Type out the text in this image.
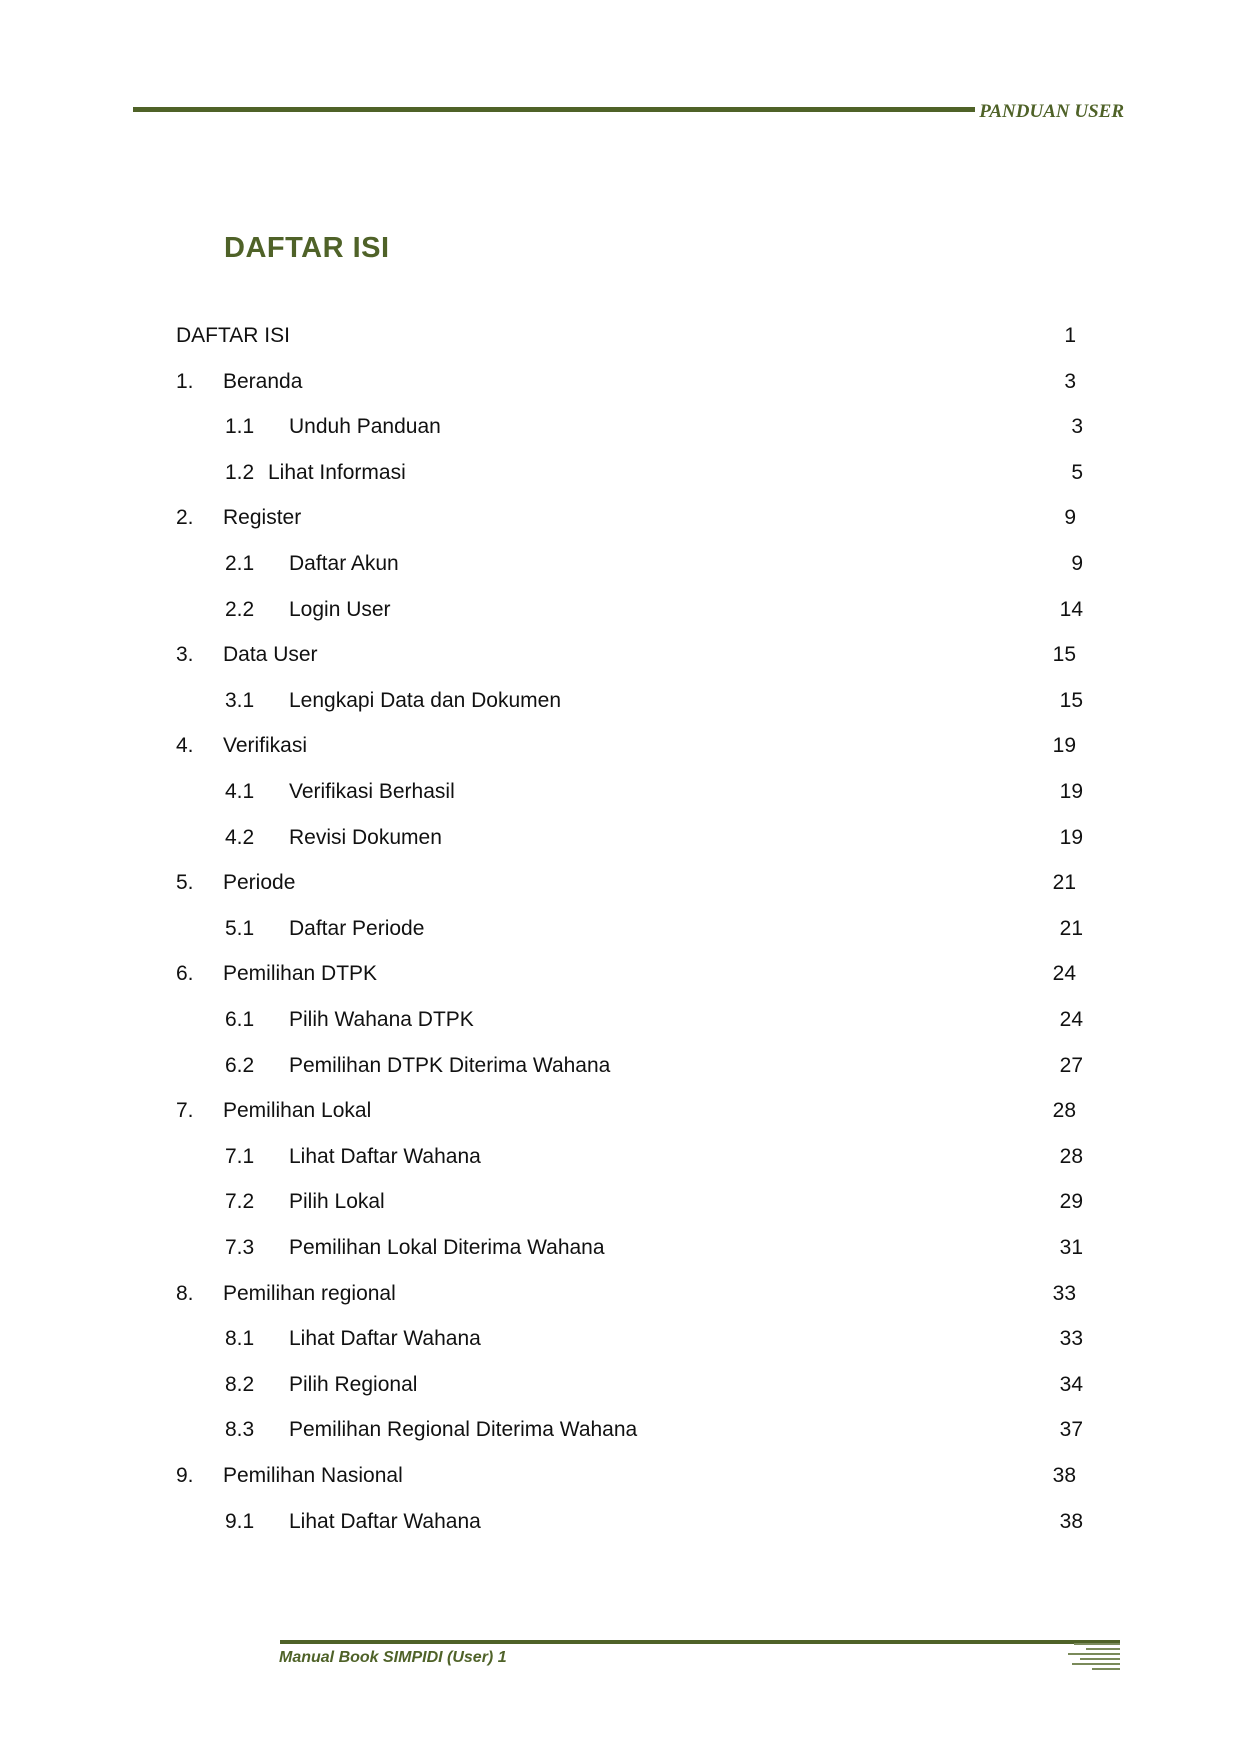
PANDUAN USER
DAFTAR ISI
DAFTAR ISI	1
1. Beranda	3
1.1 Unduh Panduan	3
1.2 Lihat Informasi	5
2. Register	9
2.1 Daftar Akun	9
2.2 Login User	14
3. Data User	15
3.1 Lengkapi Data dan Dokumen	15
4. Verifikasi	19
4.1 Verifikasi Berhasil	19
4.2 Revisi Dokumen	19
5. Periode	21
5.1 Daftar Periode	21
6. Pemilihan DTPK	24
6.1 Pilih Wahana DTPK	24
6.2 Pemilihan DTPK Diterima Wahana	27
7. Pemilihan Lokal	28
7.1 Lihat Daftar Wahana	28
7.2 Pilih Lokal	29
7.3 Pemilihan Lokal Diterima Wahana	31
8. Pemilihan regional	33
8.1 Lihat Daftar Wahana	33
8.2 Pilih Regional	34
8.3 Pemilihan Regional Diterima Wahana	37
9. Pemilihan Nasional	38
9.1 Lihat Daftar Wahana	38
Manual Book SIMPIDI (User) 1
